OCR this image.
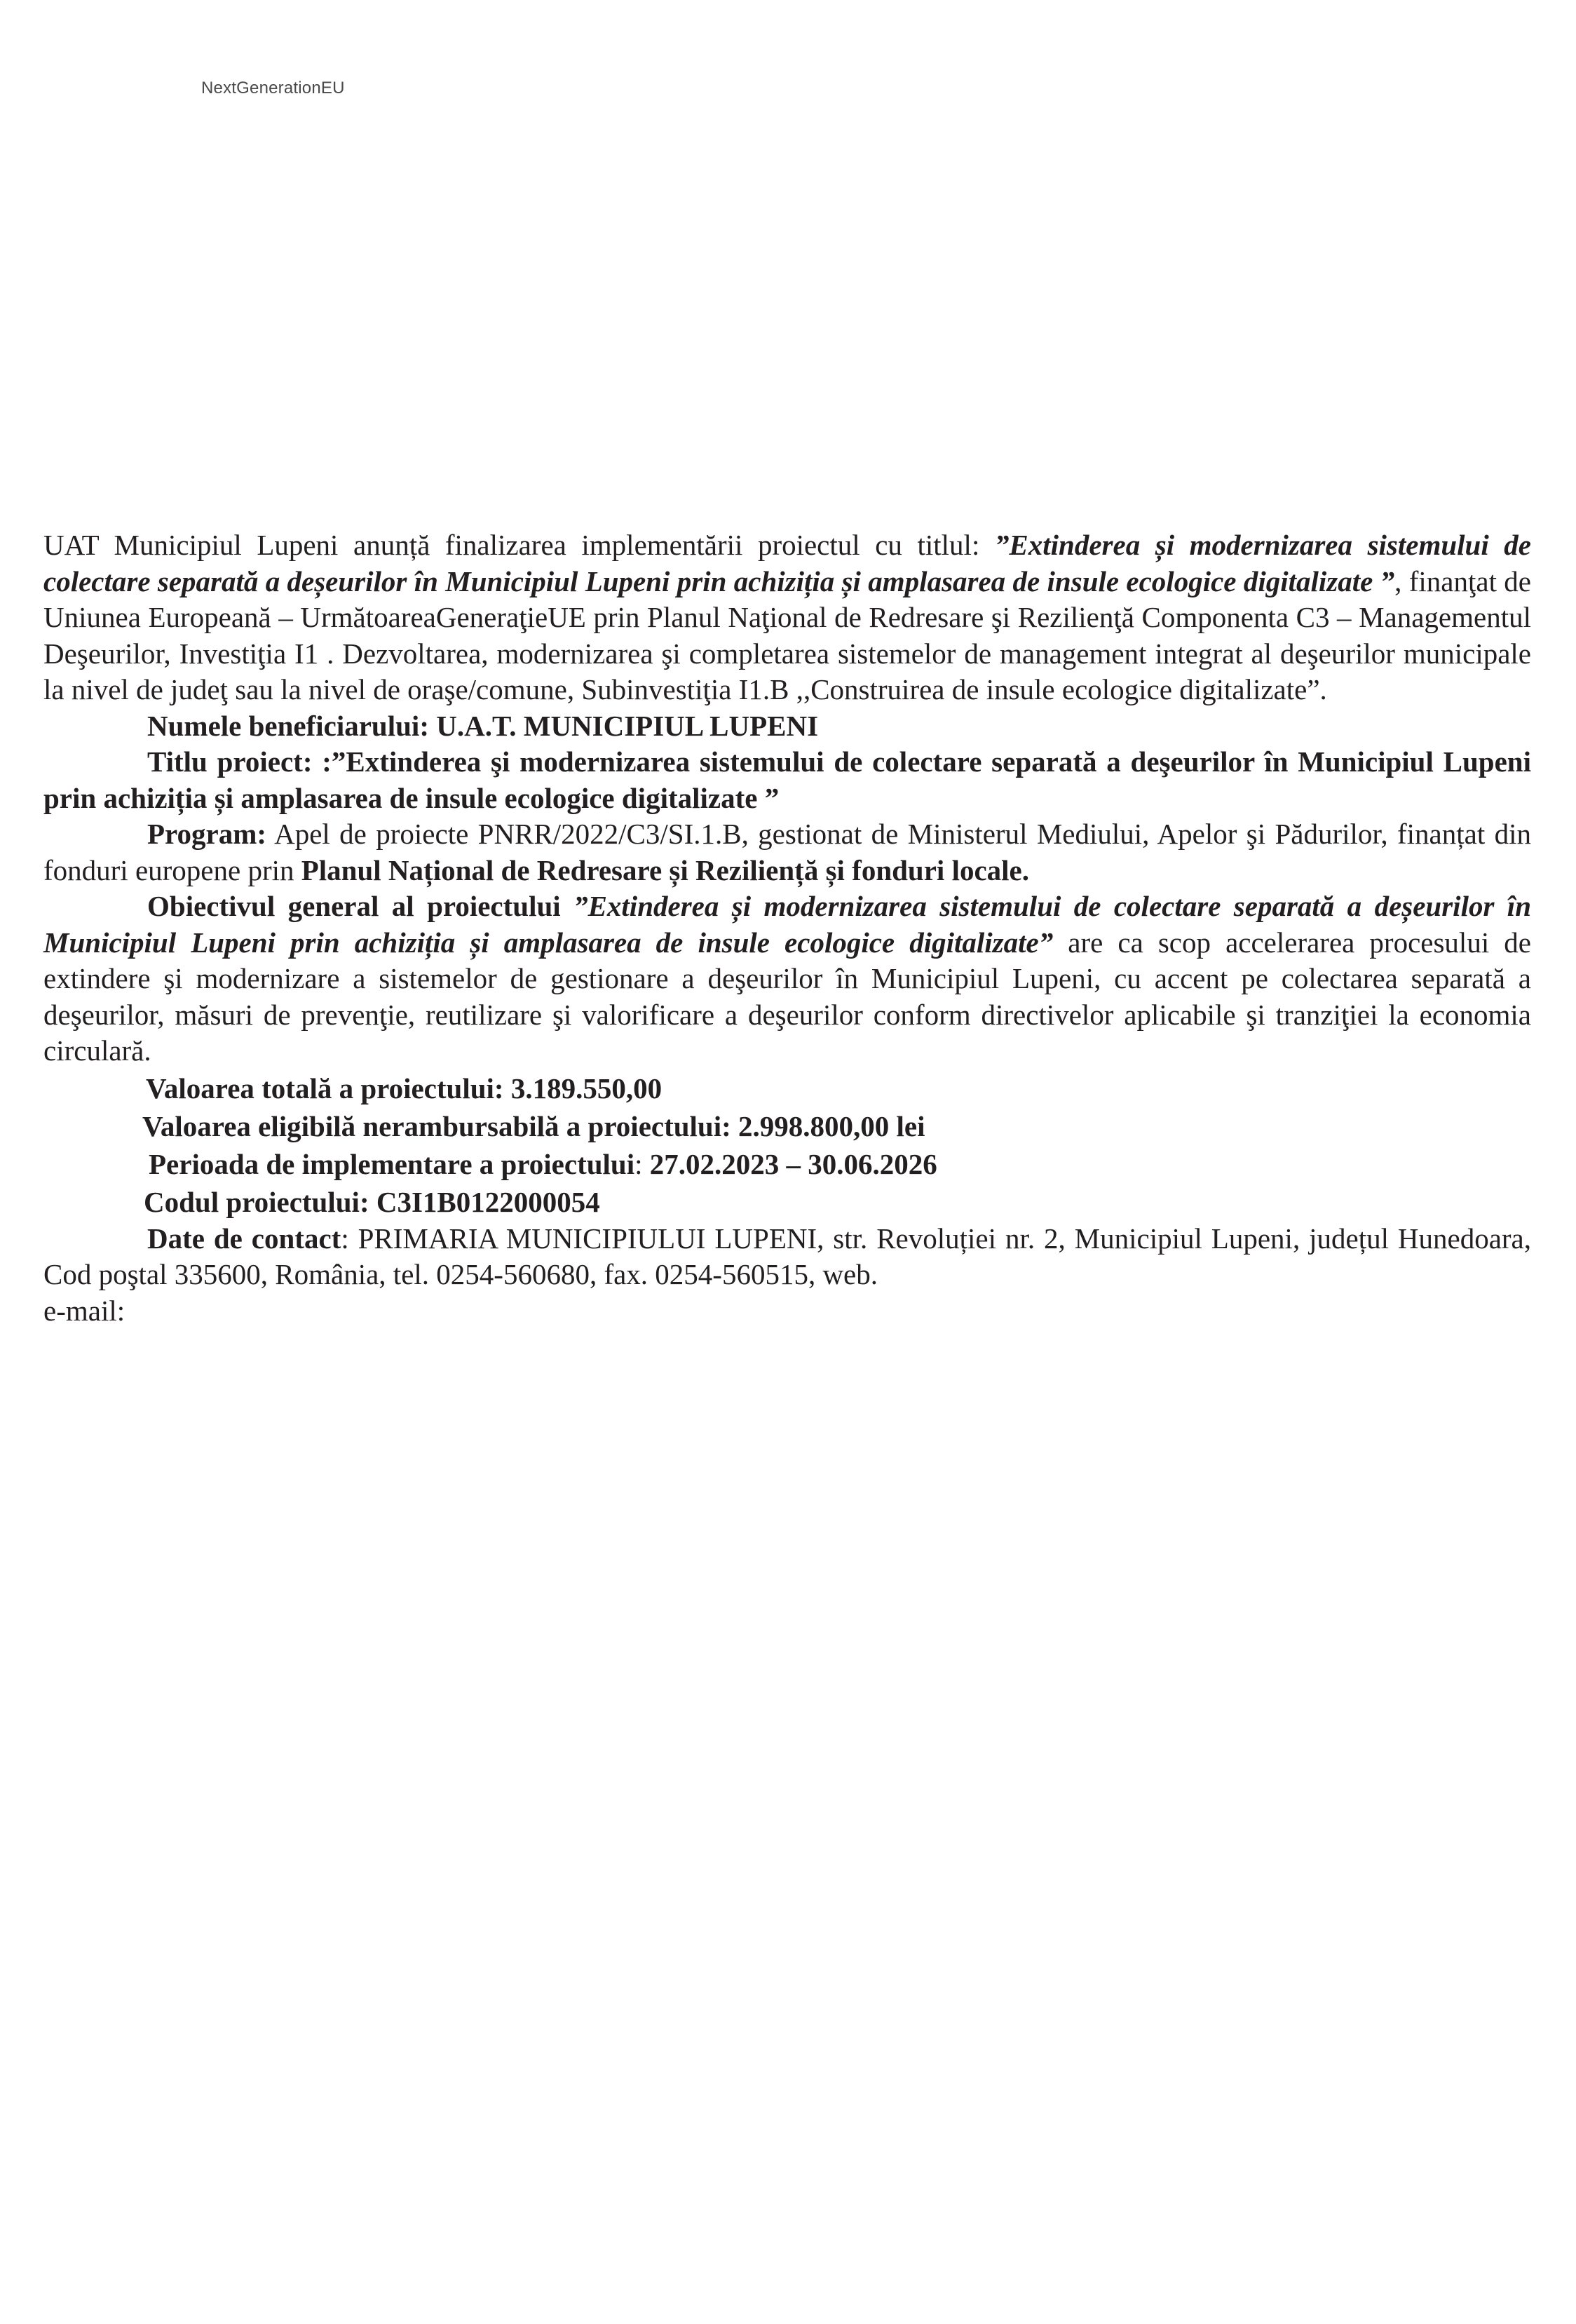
NextGenerationEU

UAT Municipiul Lupeni anunță finalizarea implementării proiectul cu titlul: ”Extinderea și modernizarea sistemului de colectare separată a deșeurilor în Municipiul Lupeni prin achiziția și amplasarea de insule ecologice digitalizate ”, finanţat de Uniunea Europeană – UrmătoareaGeneraţieUE prin Planul Naţional de Redresare şi Rezilienţă Componenta C3 – Managementul Deşeurilor, Investiţia I1 . Dezvoltarea, modernizarea şi completarea sistemelor de management integrat al deşeurilor municipale la nivel de judeţ sau la nivel de oraşe/comune, Subinvestiţia I1.B ,,Construirea de insule ecologice digitalizate”.

Numele beneficiarului: U.A.T. MUNICIPIUL LUPENI

Titlu proiect: :”Extinderea şi modernizarea sistemului de colectare separată a deşeurilor în Municipiul Lupeni prin achiziția și amplasarea de insule ecologice digitalizate ”

Program: Apel de proiecte PNRR/2022/C3/SI.1.B, gestionat de Ministerul Mediului, Apelor şi Pădurilor, finanțat din fonduri europene prin Planul Național de Redresare și Reziliență și fonduri locale.

Obiectivul general al proiectului ”Extinderea și modernizarea sistemului de colectare separată a deșeurilor în Municipiul Lupeni prin achiziția și amplasarea de insule ecologice digitalizate” are ca scop accelerarea procesului de extindere şi modernizare a sistemelor de gestionare a deşeurilor în Municipiul Lupeni, cu accent pe colectarea separată a deşeurilor, măsuri de prevenţie, reutilizare şi valorificare a deşeurilor conform directivelor aplicabile şi tranziţiei la economia circulară.

Valoarea totală a proiectului: 3.189.550,00
Valoarea eligibilă nerambursabilă a proiectului: 2.998.800,00 lei
Perioada de implementare a proiectului: 27.02.2023 – 30.06.2026
Codul proiectului: C3I1B0122000054

Date de contact: PRIMARIA MUNICIPIULUI LUPENI, str. Revoluției nr. 2, Municipiul Lupeni, județul Hunedoara, Cod poştal 335600, România, tel. 0254-560680, fax. 0254-560515, web.

e-mail:
